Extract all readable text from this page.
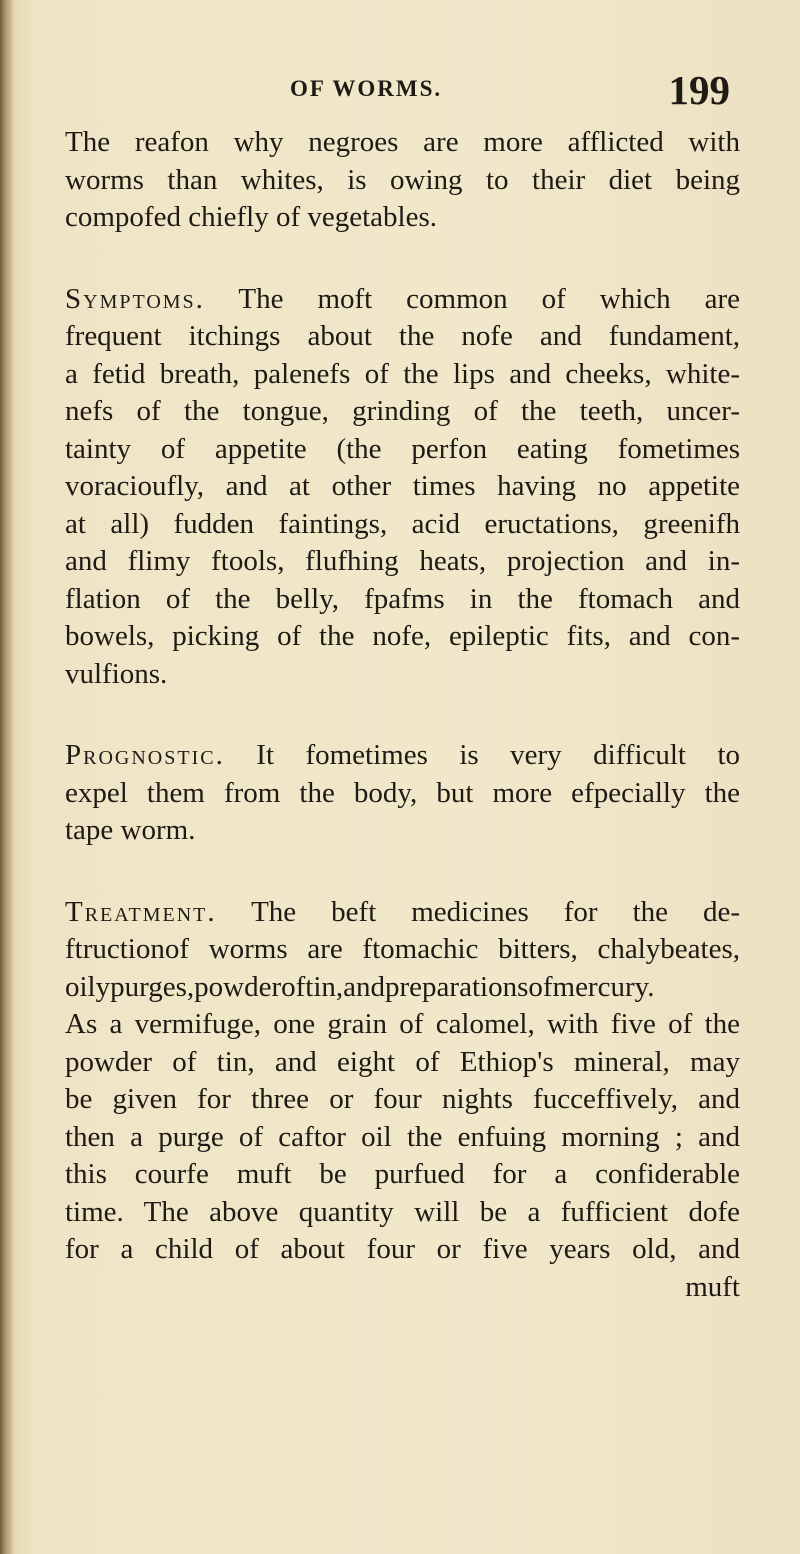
OF WORMS.	199
The reafon why negroes are more afflicted with
worms than whites, is owing to their diet being
compofed chiefly of vegetables.
Symptoms. The moft common of which are
frequent itchings about the nofe and fundament,
a fetid breath, palenefs of the lips and cheeks, white-
nefs of the tongue, grinding of the teeth, uncer-
tainty of appetite (the perfon eating fometimes
voracioufly, and at other times having no appetite
at all) fudden faintings, acid eructations, greenifh
and flimy ftools, flufhing heats, projection and in-
flation of the belly, fpafms in the ftomach and
bowels, picking of the nofe, epileptic fits, and con-
vulfions.
Prognostic. It fometimes is very difficult to
expel them from the body, but more efpecially the
tape worm.
Treatment. The beft medicines for the de-
ftructionof worms are ftomachic bitters, chalybeates,
oilypurges,powderoftin,andpreparationsofmercury.
As a vermifuge, one grain of calomel, with five of the
powder of tin, and eight of Ethiop's mineral, may
be given for three or four nights fucceffively, and
then a purge of caftor oil the enfuing morning ; and
this courfe muft be purfued for a confiderable
time. The above quantity will be a fufficient dofe
for a child of about four or five years old, and
muft
